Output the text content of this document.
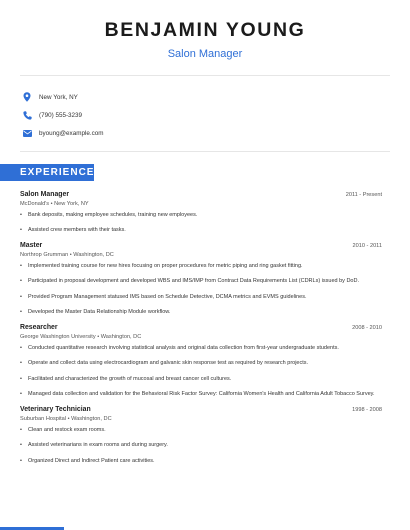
BENJAMIN YOUNG
Salon Manager
New York, NY
(790) 555-3239
byoung@example.com
EXPERIENCE
Salon Manager	2011 - Present
McDonald's • New York, NY
• Bank deposits, making employee schedules, training new employees.
• Assisted crew members with their tasks.
Master	2010 - 2011
Northrop Grumman • Washington, DC
• Implemented training course for new hires focusing on proper procedures for metric piping and ring gasket fitting.
• Participated in proposal development and developed WBS and IMS/IMP from Contract Data Requirements List (CDRLs) issued by DoD.
• Provided Program Management statused IMS based on Schedule Detective, DCMA metrics and EVMS guidelines.
• Developed the Master Data Relationship Module workflow.
Researcher	2008 - 2010
George Washington University • Washington, DC
• Conducted quantitative research involving statistical analysis and original data collection from first-year undergraduate students.
• Operate and collect data using electrocardiogram and galvanic skin response test as required by research projects.
• Facilitated and characterized the growth of mucosal and breast cancer cell cultures.
• Managed data collection and validation for the Behavioral Risk Factor Survey: California Women's Health and California Adult Tobacco Survey.
Veterinary Technician	1998 - 2008
Suburban Hospital • Washington, DC
• Clean and restock exam rooms.
• Assisted veterinarians in exam rooms and during surgery.
• Organized Direct and Indirect Patient care activities.
